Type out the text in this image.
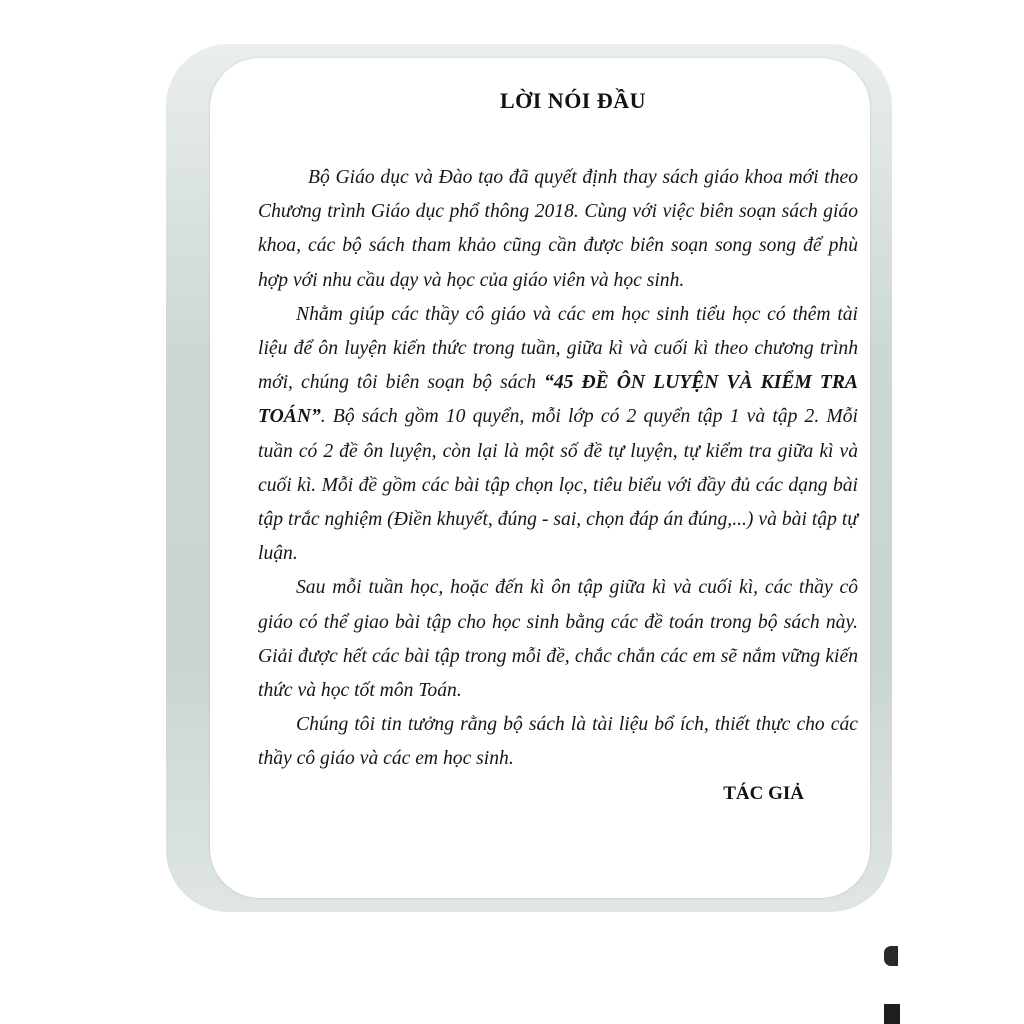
LỜI NÓI ĐẦU

Bộ Giáo dục và Đào tạo đã quyết định thay sách giáo khoa mới theo Chương trình Giáo dục phổ thông 2018. Cùng với việc biên soạn sách giáo khoa, các bộ sách tham khảo cũng cần được biên soạn song song để phù hợp với nhu cầu dạy và học của giáo viên và học sinh.

Nhằm giúp các thầy cô giáo và các em học sinh tiểu học có thêm tài liệu để ôn luyện kiến thức trong tuần, giữa kì và cuối kì theo chương trình mới, chúng tôi biên soạn bộ sách “45 ĐỀ ÔN LUYỆN VÀ KIỂM TRA TOÁN”. Bộ sách gồm 10 quyển, mỗi lớp có 2 quyển tập 1 và tập 2. Mỗi tuần có 2 đề ôn luyện, còn lại là một số đề tự luyện, tự kiểm tra giữa kì và cuối kì. Mỗi đề gồm các bài tập chọn lọc, tiêu biểu với đầy đủ các dạng bài tập trắc nghiệm (Điền khuyết, đúng - sai, chọn đáp án đúng,...) và bài tập tự luận.

Sau mỗi tuần học, hoặc đến kì ôn tập giữa kì và cuối kì, các thầy cô giáo có thể giao bài tập cho học sinh bằng các đề toán trong bộ sách này. Giải được hết các bài tập trong mỗi đề, chắc chắn các em sẽ nắm vững kiến thức và học tốt môn Toán.

Chúng tôi tin tưởng rằng bộ sách là tài liệu bổ ích, thiết thực cho các thầy cô giáo và các em học sinh.

TÁC GIẢ
